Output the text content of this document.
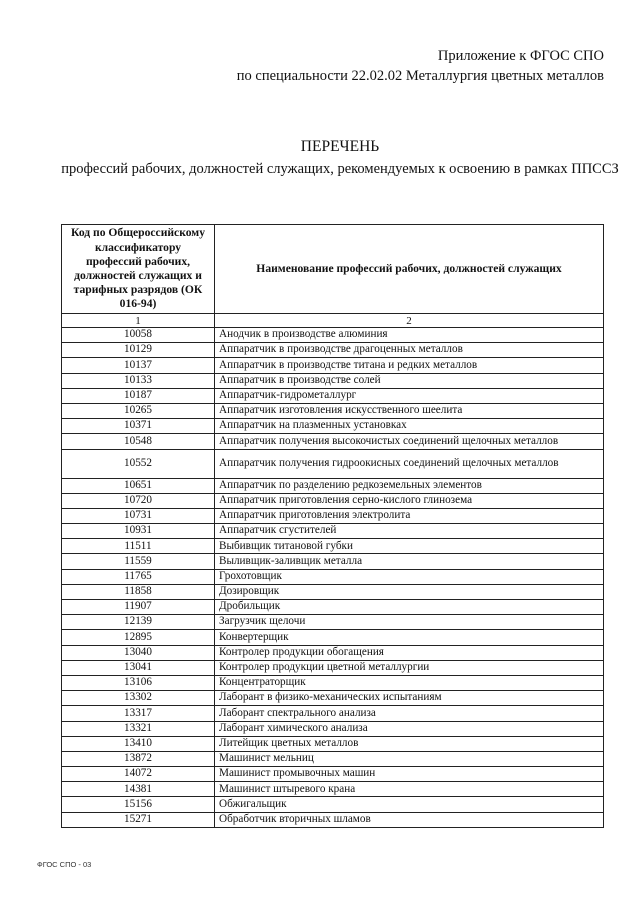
Приложение к ФГОС СПО
по специальности 22.02.02 Металлургия цветных металлов
ПЕРЕЧЕНЬ
профессий рабочих, должностей служащих, рекомендуемых к освоению в рамках ППССЗ
Код по Общероссийскому классификатору профессий рабочих, должностей служащих и тарифных разрядов (ОК 016-94)	Наименование профессий рабочих, должностей служащих
1	2
10058	Анодчик в производстве алюминия
10129	Аппаратчик в производстве драгоценных металлов
10137	Аппаратчик в производстве титана и редких металлов
10133	Аппаратчик в производстве солей
10187	Аппаратчик-гидрометаллург
10265	Аппаратчик изготовления искусственного шеелита
10371	Аппаратчик на плазменных установках
10548	Аппаратчик получения высокочистых соединений щелочных металлов
10552	Аппаратчик получения гидроокисных соединений щелочных металлов
10651	Аппаратчик по разделению редкоземельных элементов
10720	Аппаратчик приготовления серно-кислого глинозема
10731	Аппаратчик приготовления электролита
10931	Аппаратчик сгустителей
11511	Выбивщик титановой губки
11559	Выливщик-заливщик металла
11765	Грохотовщик
11858	Дозировщик
11907	Дробильщик
12139	Загрузчик щелочи
12895	Конвертерщик
13040	Контролер продукции обогащения
13041	Контролер продукции цветной металлургии
13106	Концентраторщик
13302	Лаборант в физико-механических испытаниям
13317	Лаборант спектрального анализа
13321	Лаборант химического анализа
13410	Литейщик цветных металлов
13872	Машинист мельниц
14072	Машинист промывочных машин
14381	Машинист штыревого крана
15156	Обжигальщик
15271	Обработчик вторичных шламов
ФГОС СПО - 03
